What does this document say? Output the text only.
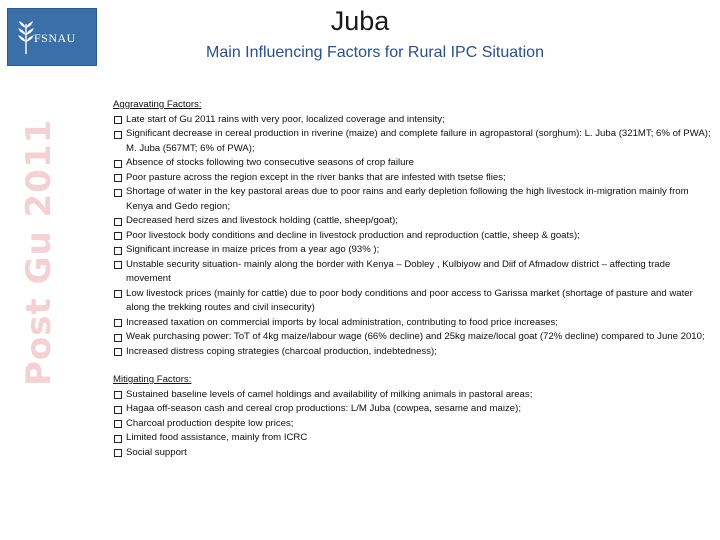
FSNAU
Post Gu 2011
Juba
Main Influencing Factors for Rural IPC Situation
Aggravating Factors:
Late start of Gu 2011 rains with very poor, localized coverage and intensity;
Significant decrease in cereal production in riverine (maize) and complete failure in agropastoral (sorghum): L. Juba (321MT; 6% of PWA); M. Juba (567MT; 6% of PWA);
Absence of stocks following two consecutive seasons of crop failure
Poor pasture across the region except in the river banks that are infested with tsetse flies;
Shortage of water in the key pastoral areas due to poor rains and early depletion following the high livestock in-migration mainly from Kenya and Gedo region;
Decreased herd sizes and livestock holding (cattle, sheep/goat);
Poor livestock body conditions and decline in livestock production and reproduction (cattle, sheep & goats);
Significant increase in maize prices from a year ago (93% );
Unstable security situation- mainly along the border with Kenya – Dobley , Kulbiyow and Diif of Afmadow district – affecting trade movement
Low livestock prices (mainly for cattle) due to poor body conditions and poor access to Garissa market (shortage of pasture and water along the trekking routes and civil insecurity)
Increased taxation on commercial imports by local administration, contributing to food price increases;
Weak purchasing power: ToT of 4kg maize/labour wage (66% decline) and 25kg maize/local goat (72% decline) compared to June 2010;
Increased distress coping strategies (charcoal production, indebtedness);
Mitigating Factors:
Sustained baseline levels of camel holdings and availability of milking animals in pastoral areas;
Hagaa off-season cash and cereal crop productions: L/M Juba (cowpea, sesame and maize);
Charcoal production despite low prices;
Limited food assistance, mainly from ICRC
Social support
